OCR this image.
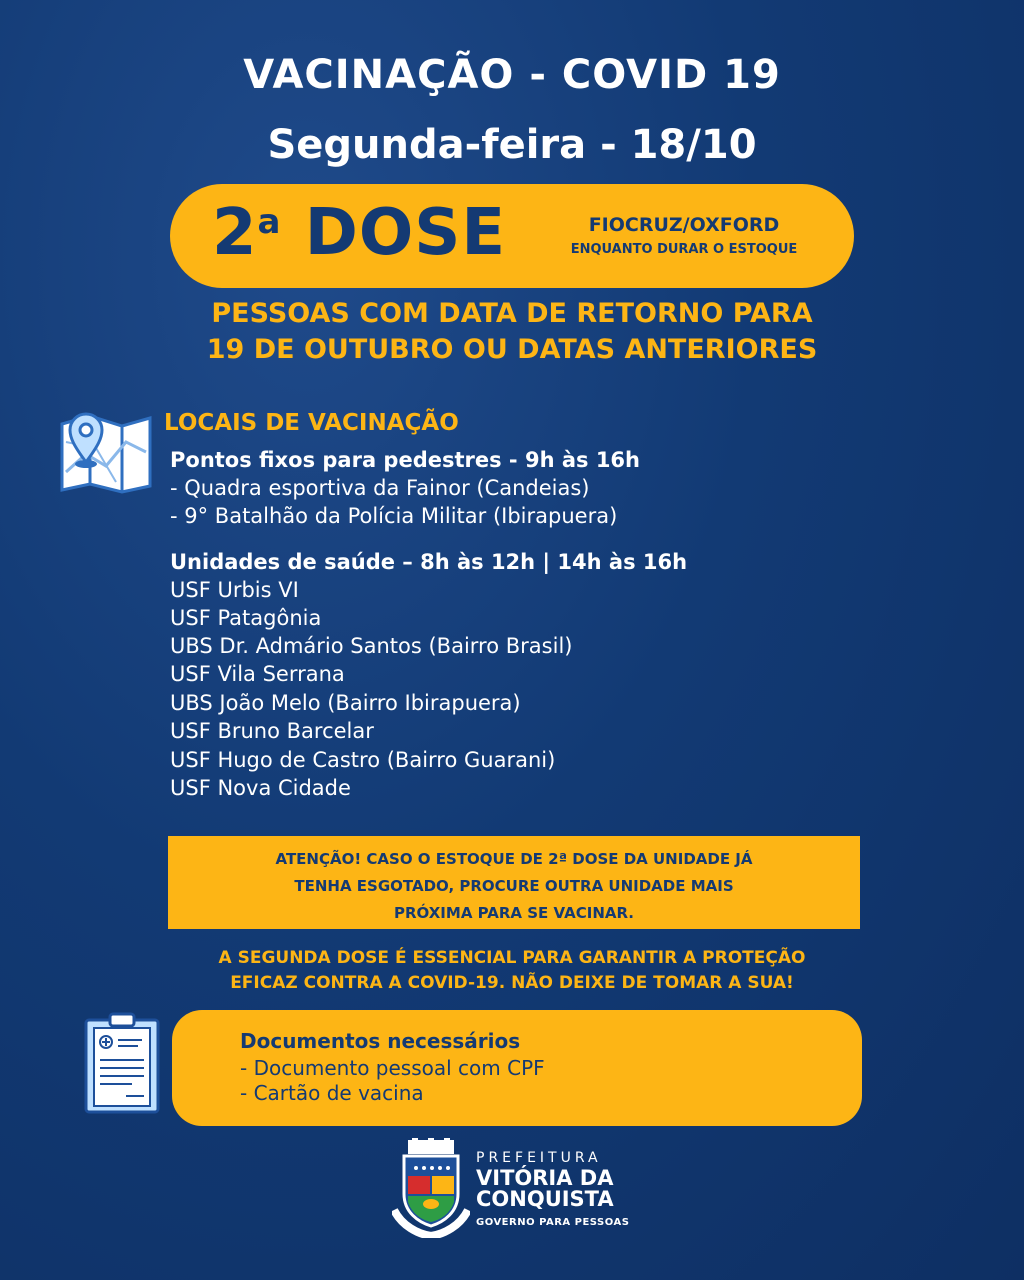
VACINAÇÃO - COVID 19
Segunda-feira - 18/10
2$^a$ DOSE	FIOCRUZ/OXFORD
ENQUANTO DURAR O ESTOQUE
PESSOAS COM DATA DE RETORNO PARA
19 DE OUTUBRO OU DATAS ANTERIORES
LOCAIS DE VACINAÇÃO
Pontos fixos para pedestres - 9h às 16h
- Quadra esportiva da Fainor (Candeias)
- 9° Batalhão da Polícia Militar (Ibirapuera)
Unidades de saúde – 8h às 12h | 14h às 16h
USF Urbis VI
USF Patagônia
UBS Dr. Admário Santos (Bairro Brasil)
USF Vila Serrana
UBS João Melo (Bairro Ibirapuera)
USF Bruno Barcelar
USF Hugo de Castro (Bairro Guarani)
USF Nova Cidade
ATENÇÃO! CASO O ESTOQUE DE 2ª DOSE DA UNIDADE JÁ
TENHA ESGOTADO, PROCURE OUTRA UNIDADE MAIS
PRÓXIMA PARA SE VACINAR.
A SEGUNDA DOSE É ESSENCIAL PARA GARANTIR A PROTEÇÃO
EFICAZ CONTRA A COVID-19. NÃO DEIXE DE TOMAR A SUA!
Documentos necessários
- Documento pessoal com CPF
- Cartão de vacina
PREFEITURA
VITÓRIA DA
CONQUISTA
GOVERNO PARA PESSOAS
